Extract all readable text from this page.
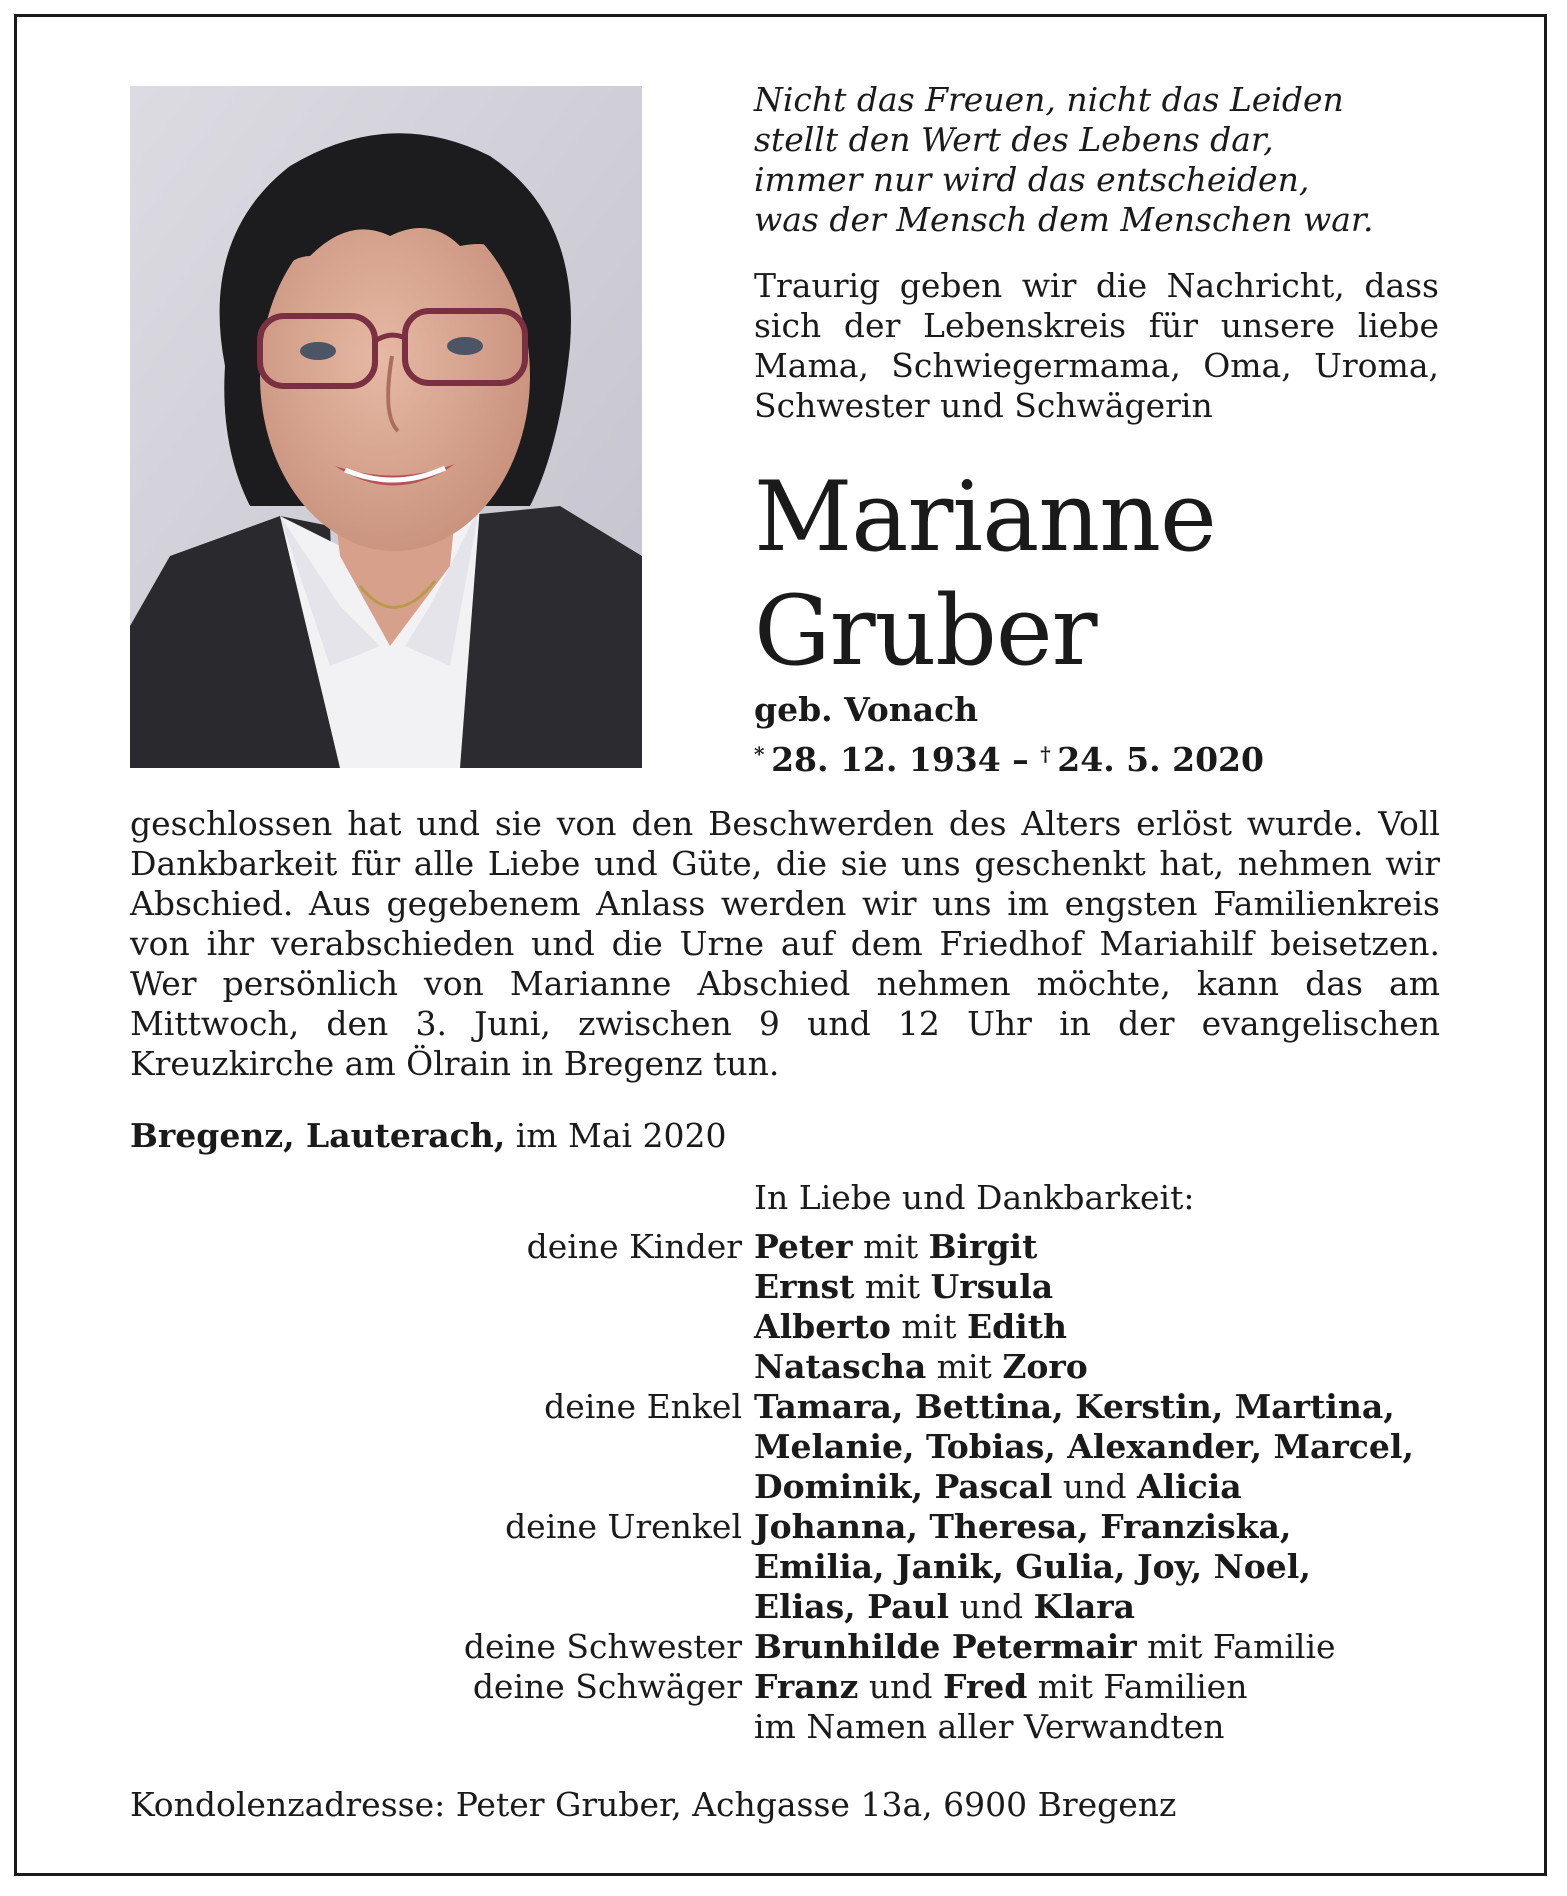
Nicht das Freuen, nicht das Leiden
stellt den Wert des Lebens dar,
immer nur wird das entscheiden,
was der Mensch dem Menschen war.
Traurig geben wir die Nachricht, dass sich der Lebenskreis für unsere liebe Mama, Schwiegermama, Oma, Uroma, Schwester und Schwägerin
Marianne
Gruber
geb. Vonach
*  28. 12. 1934 – †  24. 5. 2020
geschlossen hat und sie von den Beschwerden des Alters erlöst wurde. Voll Dankbarkeit für alle Liebe und Güte, die sie uns geschenkt hat, nehmen wir Abschied. Aus gegebenem Anlass werden wir uns im engsten Familienkreis von ihr verabschieden und die Urne auf dem Friedhof Mariahilf beisetzen. Wer persönlich von Marianne Abschied nehmen möchte, kann das am Mittwoch, den 3. Juni, zwischen 9 und 12 Uhr in der evangelischen Kreuzkirche am Ölrain in Bregenz tun.
Bregenz, Lauterach, im Mai 2020
In Liebe und Dankbarkeit:
deine Kinder Peter mit Birgit
Ernst mit Ursula
Alberto mit Edith
Natascha mit Zoro
deine Enkel Tamara, Bettina, Kerstin, Martina,
Melanie, Tobias, Alexander, Marcel,
Dominik, Pascal und Alicia
deine Urenkel Johanna, Theresa, Franziska,
Emilia, Janik, Gulia, Joy, Noel,
Elias, Paul und Klara
deine Schwester Brunhilde Petermair mit Familie
deine Schwäger Franz und Fred mit Familien
im Namen aller Verwandten
Kondolenzadresse: Peter Gruber, Achgasse 13a, 6900 Bregenz
